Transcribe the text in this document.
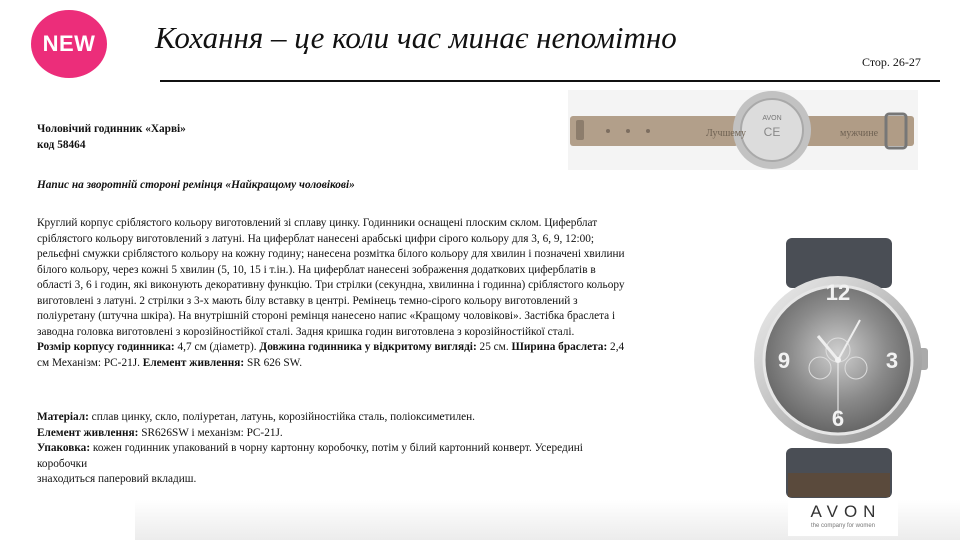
NEW Кохання – це коли час минає непомітно
Стор. 26-27
Чоловічий годинник «Харві»
код 58464
Напис на зворотній стороні ремінця «Найкращому чоловікові»
Круглий корпус сріблястого кольору виготовлений зі сплаву цинку. Годинники оснащені плоским склом. Циферблат
сріблястого кольору виготовлений з латуні. На циферблат нанесені арабські цифри сірого кольору для 3, 6, 9, 12:00;
рельєфні смужки сріблястого кольору на кожну годину; нанесена розмітка білого кольору для хвилин і позначені хвилини
білого кольору, через кожні 5 хвилин (5, 10, 15 і т.ін.). На циферблат нанесені зображення додаткових циферблатів в
області 3, 6 і годин, які виконують декоративну функцію. Три стрілки (секундна, хвилинна і годинна) сріблястого кольору
виготовлені з латуні. 2 стрілки з 3-х мають білу вставку в центрі. Ремінець темно-сірого кольору виготовлений з
поліуретану (штучна шкіра). На внутрішній стороні ремінця нанесено напис «Кращому чоловікові». Застібка браслета і
заводна головка виготовлені з корозійностійкої сталі. Задня кришка годин виготовлена з корозійностійкої сталі.
Розмір корпусу годинника: 4,7 см (діаметр). Довжина годинника у відкритому вигляді: 25 см. Ширина браслета: 2,4
см Механізм: PC-21J. Елемент живлення: SR 626 SW.
Матеріал: сплав цинку, скло, поліуретан, латунь, корозійностійка сталь, поліоксиметилен.
Елемент живлення: SR626SW і механізм: PC-21J.
Упаковка: кожен годинник упакований в чорну картонну коробочку, потім у білий картонний конверт. Усередині
коробочки
знаходиться паперовий вкладиш.
AVON
CE
Лучшему	мужчине
12
3
6
9
AVON
the company for women
